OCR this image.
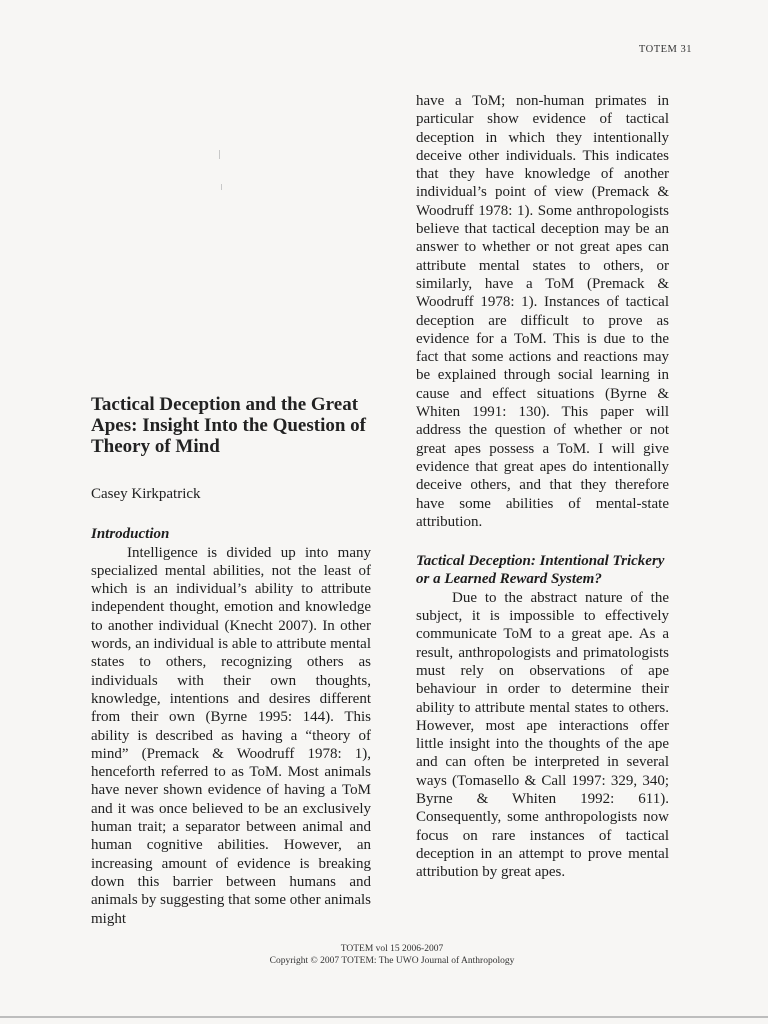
TOTEM 31
Tactical Deception and the Great Apes: Insight Into the Question of Theory of Mind
Casey Kirkpatrick
Introduction

Intelligence is divided up into many specialized mental abilities, not the least of which is an individual’s ability to attribute independent thought, emotion and knowledge to another individual (Knecht 2007). In other words, an individual is able to attribute mental states to others, recognizing others as individuals with their own thoughts, knowledge, intentions and desires different from their own (Byrne 1995: 144). This ability is described as having a “theory of mind” (Premack & Woodruff 1978: 1), henceforth referred to as ToM. Most animals have never shown evidence of having a ToM and it was once believed to be an exclusively human trait; a separator between animal and human cognitive abilities. However, an increasing amount of evidence is breaking down this barrier between humans and animals by suggesting that some other animals might

have a ToM; non-human primates in particular show evidence of tactical deception in which they intentionally deceive other individuals. This indicates that they have knowledge of another individual’s point of view (Premack & Woodruff 1978: 1). Some anthropologists believe that tactical deception may be an answer to whether or not great apes can attribute mental states to others, or similarly, have a ToM (Premack & Woodruff 1978: 1). Instances of tactical deception are difficult to prove as evidence for a ToM. This is due to the fact that some actions and reactions may be explained through social learning in cause and effect situations (Byrne & Whiten 1991: 130). This paper will address the question of whether or not great apes possess a ToM. I will give evidence that great apes do intentionally deceive others, and that they therefore have some abilities of mental-state attribution.

Tactical Deception: Intentional Trickery or a Learned Reward System?

Due to the abstract nature of the subject, it is impossible to effectively communicate ToM to a great ape. As a result, anthropologists and primatologists must rely on observations of ape behaviour in order to determine their ability to attribute mental states to others. However, most ape interactions offer little insight into the thoughts of the ape and can often be interpreted in several ways (Tomasello & Call 1997: 329, 340; Byrne & Whiten 1992: 611). Consequently, some anthropologists now focus on rare instances of tactical deception in an attempt to prove mental attribution by great apes.

TOTEM vol 15 2006-2007
Copyright © 2007 TOTEM: The UWO Journal of Anthropology
